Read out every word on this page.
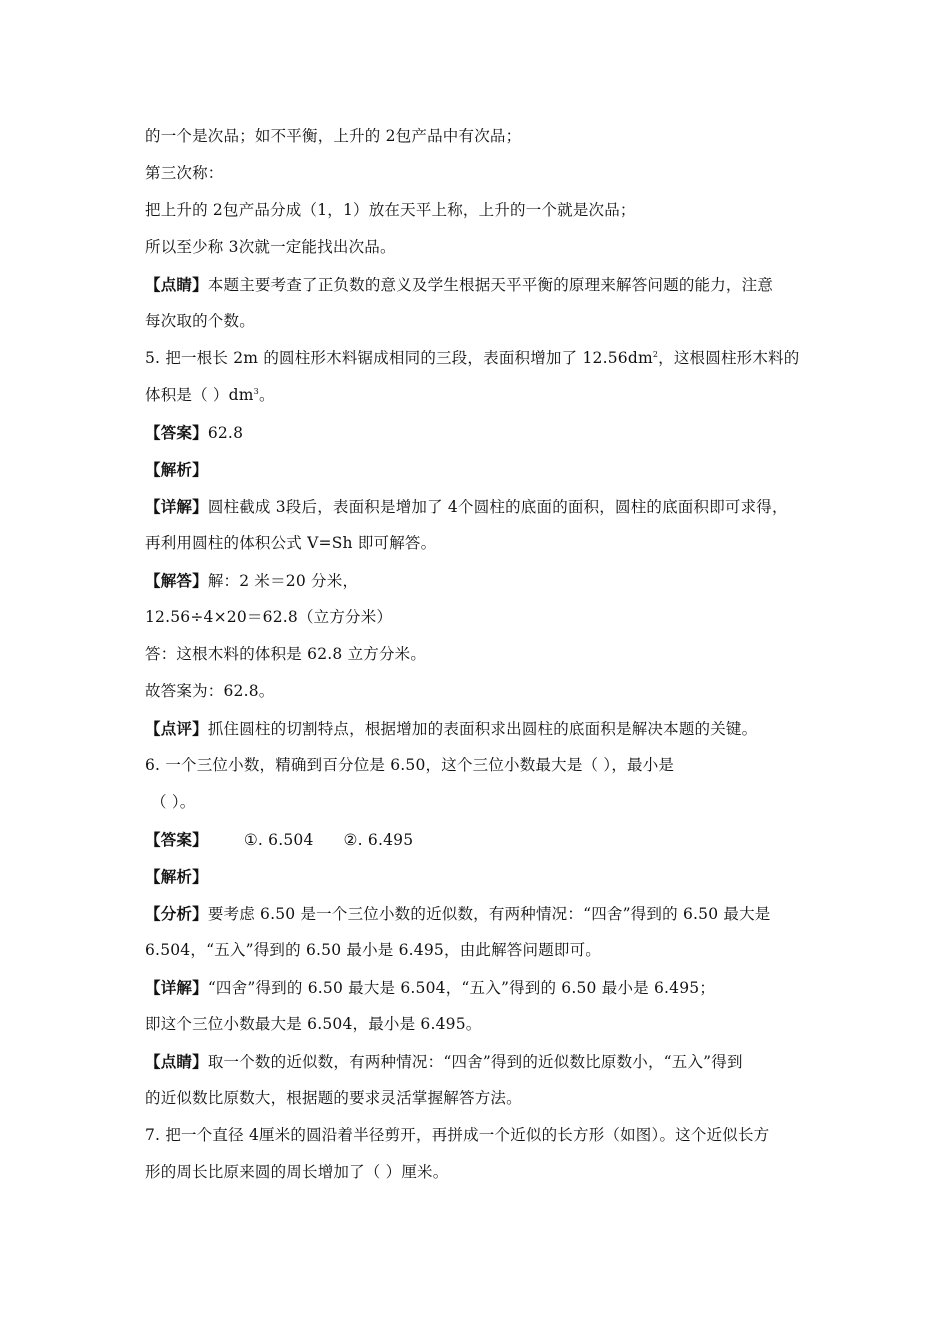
的一个是次品；如不平衡，上升的 2包产品中有次品；
第三次称：
把上升的 2包产品分成（1，1）放在天平上称，上升的一个就是次品；
所以至少称 3次就一定能找出次品。
【点睛】本题主要考查了正负数的意义及学生根据天平平衡的原理来解答问题的能力，注意
每次取的个数。
5. 把一根长 2m 的圆柱形木料锯成相同的三段，表面积增加了 $12.56dm^2$，这根圆柱形木料的
体积是（ ）$dm^3$。
【答案】62.8
【解析】
【详解】圆柱截成 3段后，表面积是增加了 4个圆柱的底面的面积，圆柱的底面积即可求得，
再利用圆柱的体积公式 V=Sh 即可解答。
【解答】解：2 米＝20 分米，
12.56÷4×20＝62.8（立方分米）
答：这根木料的体积是 62.8 立方分米。
故答案为：62.8。
【点评】抓住圆柱的切割特点，根据增加的表面积求出圆柱的底面积是解决本题的关键。
6. 一个三位小数，精确到百分位是 6.50，这个三位小数最大是（ ），最小是
（ ）。
【答案】 ①. 6.504 ②. 6.495
【解析】
【分析】要考虑 6.50 是一个三位小数的近似数，有两种情况：“四舍”得到的 6.50 最大是
6.504，“五入”得到的 6.50 最小是 6.495，由此解答问题即可。
【详解】“四舍”得到的 6.50 最大是 6.504，“五入”得到的 6.50 最小是 6.495；
即这个三位小数最大是 6.504，最小是 6.495。
【点睛】取一个数的近似数，有两种情况：“四舍”得到的近似数比原数小，“五入”得到
的近似数比原数大，根据题的要求灵活掌握解答方法。
7. 把一个直径 4厘米的圆沿着半径剪开，再拼成一个近似的长方形（如图）。这个近似长方
形的周长比原来圆的周长增加了（ ）厘米。
